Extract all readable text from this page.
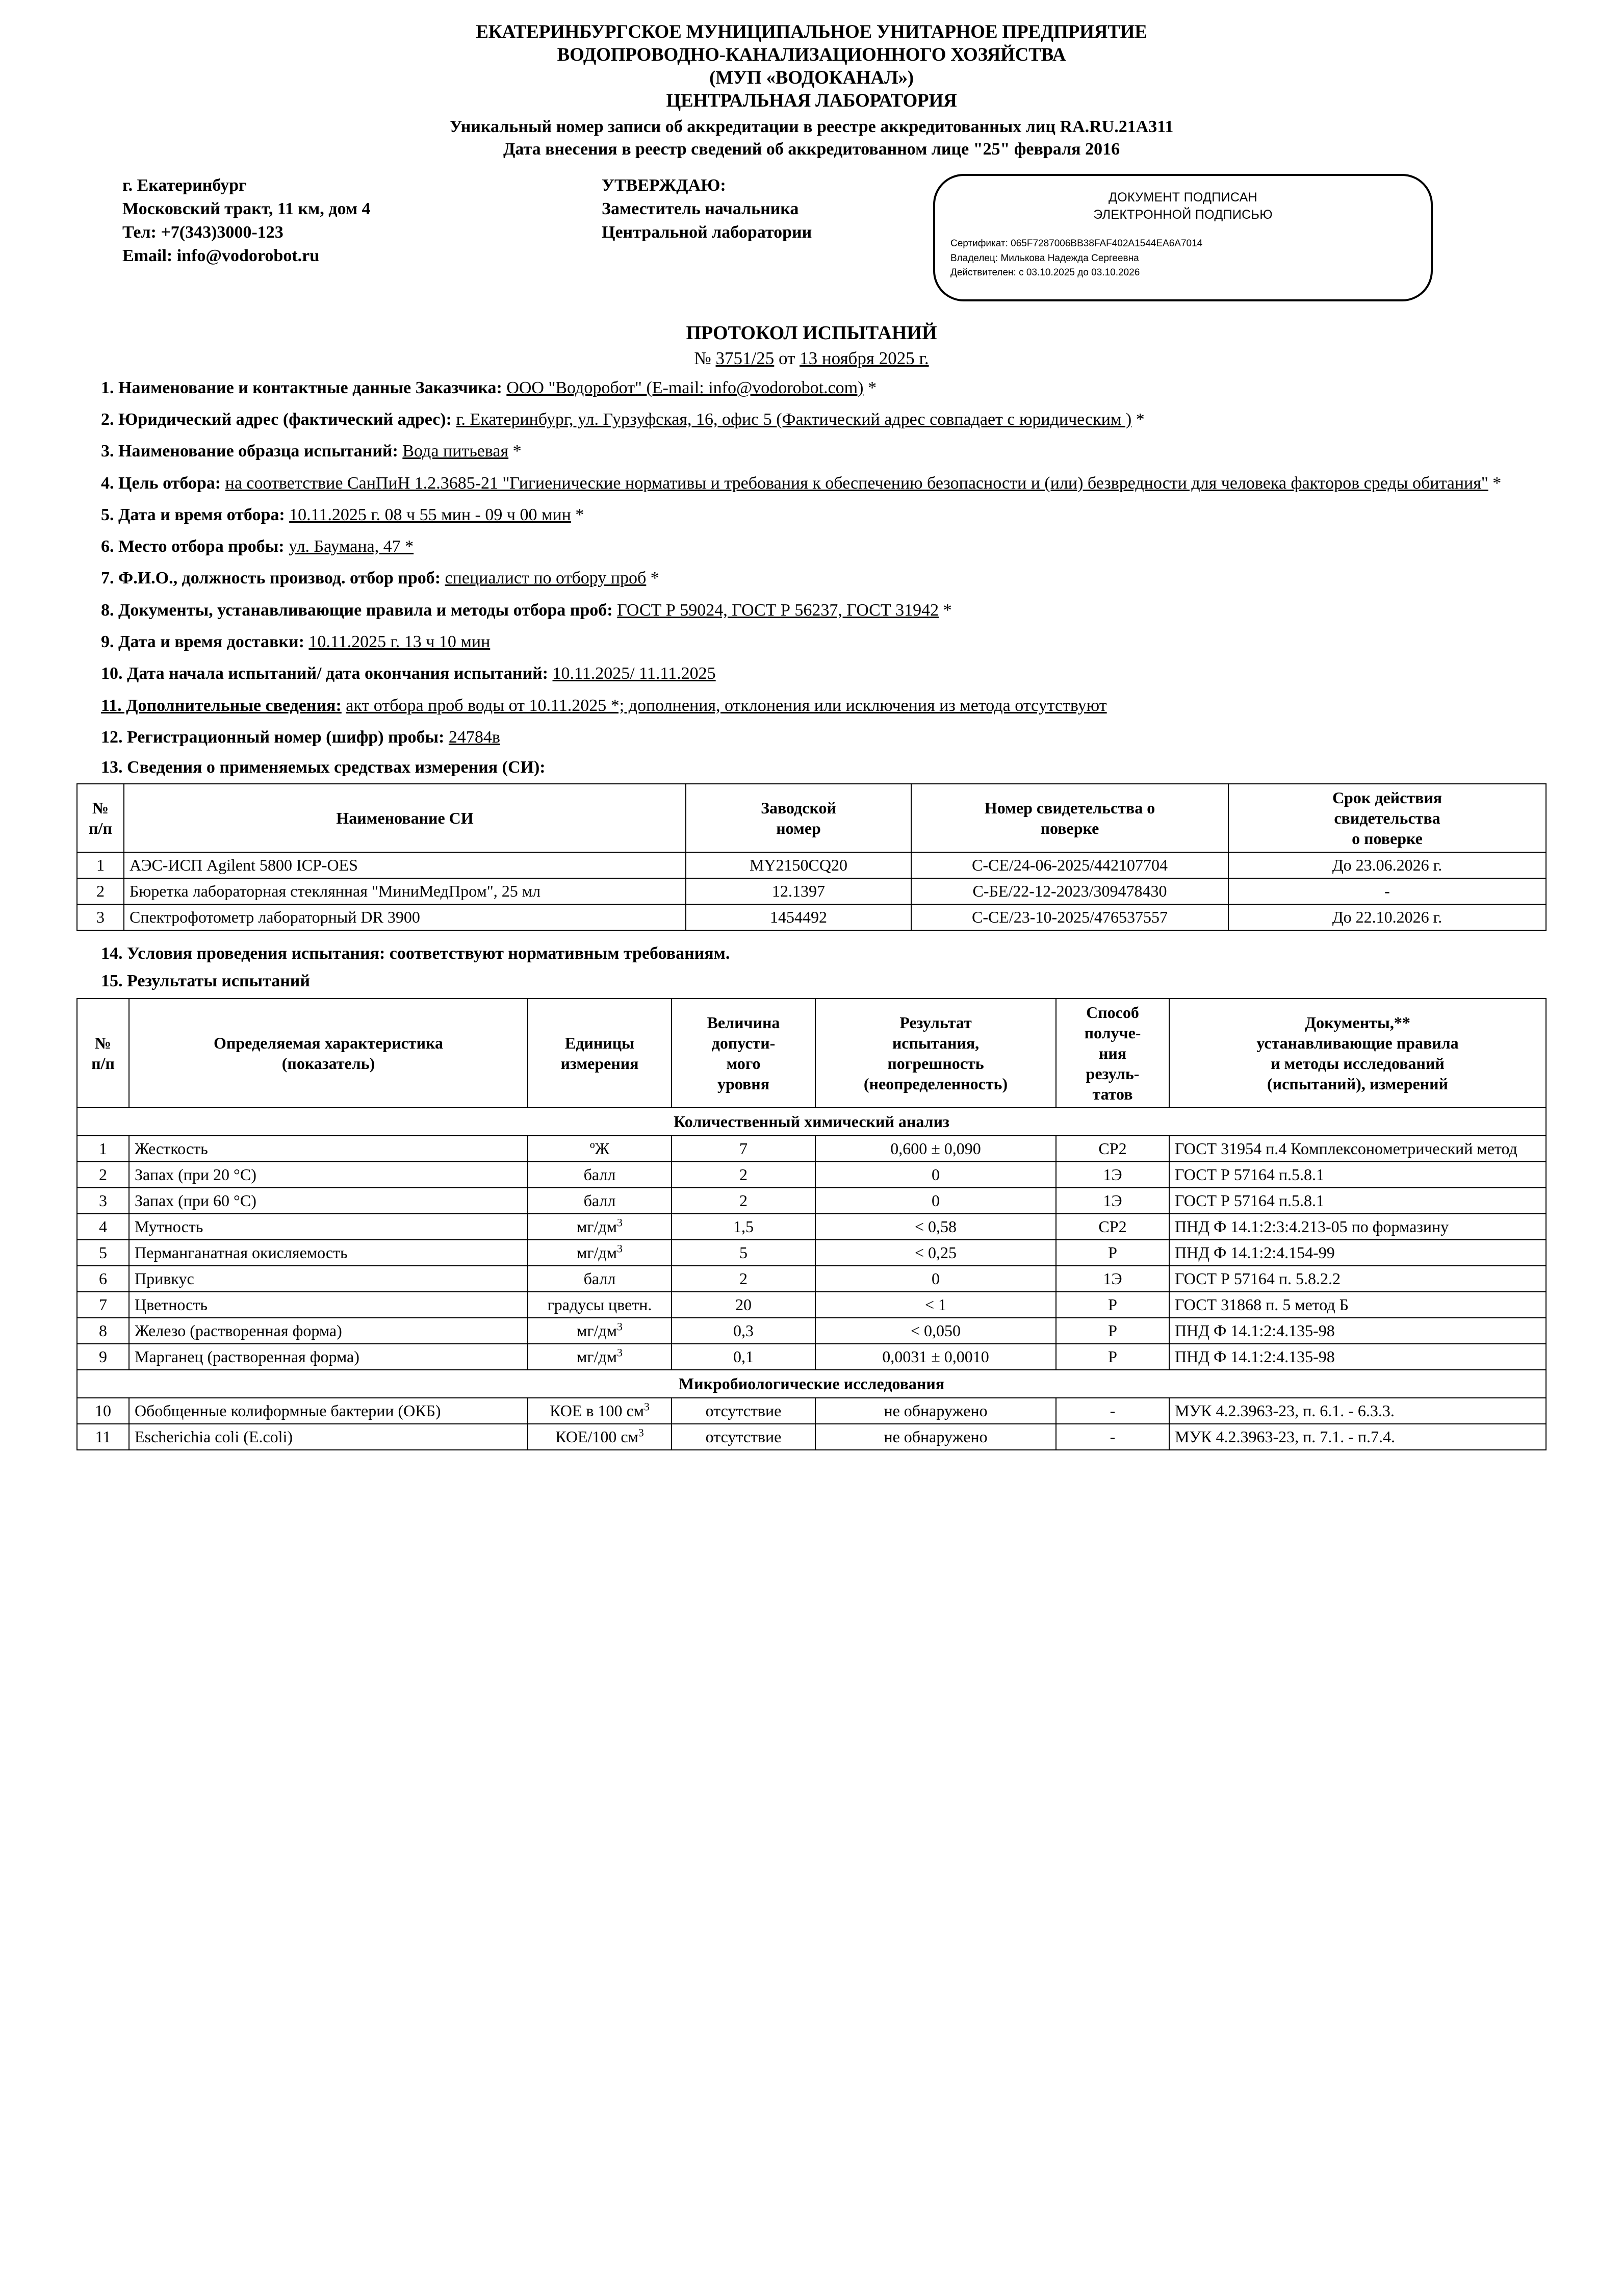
ЕКАТЕРИНБУРГСКОЕ МУНИЦИПАЛЬНОЕ УНИТАРНОЕ ПРЕДПРИЯТИЕ
ВОДОПРОВОДНО-КАНАЛИЗАЦИОННОГО ХОЗЯЙСТВА
(МУП «ВОДОКАНАЛ»)
ЦЕНТРАЛЬНАЯ ЛАБОРАТОРИЯ
Уникальный номер записи об аккредитации в реестре аккредитованных лиц RA.RU.21А311
Дата внесения в реестр сведений об аккредитованном лице "25" февраля 2016
г. Екатеринбург
Московский тракт, 11 км, дом 4
Тел: +7(343)3000-123
Email: info@vodorobot.ru
УТВЕРЖДАЮ:
Заместитель начальника
Центральной лаборатории
ДОКУМЕНТ ПОДПИСАН
ЭЛЕКТРОННОЙ ПОДПИСЬЮ
Сертификат: 065F7287006BB38FAF402A1544EA6A7014
Владелец: Милькова Надежда Сергеевна
Действителен: с 03.10.2025 до 03.10.2026
ПРОТОКОЛ ИСПЫТАНИЙ
№ 3751/25 от 13 ноября 2025 г.
1. Наименование и контактные данные Заказчика: ООО "Водоробот" (E-mail: info@vodorobot.com) *
2. Юридический адрес (фактический адрес): г. Екатеринбург, ул. Гурзуфская, 16, офис 5 (Фактический адрес совпадает с юридическим ) *
3. Наименование образца испытаний: Вода питьевая *
4. Цель отбора: на соответствие СанПиН 1.2.3685-21 "Гигиенические нормативы и требования к обеспечению безопасности и (или) безвредности для человека факторов среды обитания" *
5. Дата и время отбора: 10.11.2025 г. 08 ч 55 мин - 09 ч 00 мин *
6. Место отбора пробы: ул. Баумана, 47 *
7. Ф.И.О., должность производ. отбор проб: специалист по отбору проб *
8. Документы, устанавливающие правила и методы отбора проб: ГОСТ Р 59024, ГОСТ Р 56237, ГОСТ 31942 *
9. Дата и время доставки: 10.11.2025 г. 13 ч 10 мин
10. Дата начала испытаний/ дата окончания испытаний: 10.11.2025/ 11.11.2025
11. Дополнительные сведения: акт отбора проб воды от 10.11.2025 *; дополнения, отклонения или исключения из метода отсутствуют
12. Регистрационный номер (шифр) пробы: 24784в
13. Сведения о применяемых средствах измерения (СИ):
№
п/п
	Наименование СИ	
Заводской
номер

Номер свидетельства о
поверке

Срок действия
свидетельства
о поверке

1	АЭС-ИСП Agilent 5800 ICP-OES	MY2150CQ20	C-СЕ/24-06-2025/442107704	До 23.06.2026 г.
2	Бюретка лабораторная стеклянная "МиниМедПром", 25 мл	12.1397	С-БЕ/22-12-2023/309478430	-
3	Спектрофотометр лабораторный DR 3900	1454492	С-СЕ/23-10-2025/476537557	До 22.10.2026 г.
14. Условия проведения испытания: соответствуют нормативным требованиям.
15. Результаты испытаний
№
п/п

Определяемая характеристика
(показатель)

Единицы
измерения

Величина
допусти-
мого
уровня

Результат
испытания,
погрешность
(неопределенность)

Способ
получе-
ния
резуль-
татов

Документы,**
устанавливающие правила
и методы исследований
(испытаний), измерений

Количественный химический анализ						
1	Жесткость	ºЖ	7	0,600 ± 0,090	СР2	ГОСТ 31954 п.4 Комплексонометрический метод
2	Запах (при 20 °С)	балл	2	0	1Э	ГОСТ Р 57164 п.5.8.1
3	Запах (при 60 °С)	балл	2	0	1Э	ГОСТ Р 57164 п.5.8.1
4	Мутность	$мг/дм^3$	1,5	< 0,58	СР2	ПНД Ф 14.1:2:3:4.213-05 по формазину
5	Перманганатная окисляемость	$мг/дм^3$	5	< 0,25	Р	ПНД Ф 14.1:2:4.154-99
6	Привкус	балл	2	0	1Э	ГОСТ Р 57164 п. 5.8.2.2
7	Цветность	градусы цветн.	20	< 1	Р	ГОСТ 31868 п. 5 метод Б
8	Железо (растворенная форма)	$мг/дм^3$	0,3	< 0,050	Р	ПНД Ф 14.1:2:4.135-98
9	Марганец (растворенная форма)	$мг/дм^3$	0,1	0,0031 ± 0,0010	Р	ПНД Ф 14.1:2:4.135-98
Микробиологические исследования						
10	Обобщенные колиформные бактерии (ОКБ)	КОЕ в 100 $см^3$	отсутствие	не обнаружено	-	МУК 4.2.3963-23, п. 6.1. - 6.3.3.
11	Escherichia coli (E.coli)	КОЕ/100 $см^3$	отсутствие	не обнаружено	-	МУК 4.2.3963-23, п. 7.1. - п.7.4.
